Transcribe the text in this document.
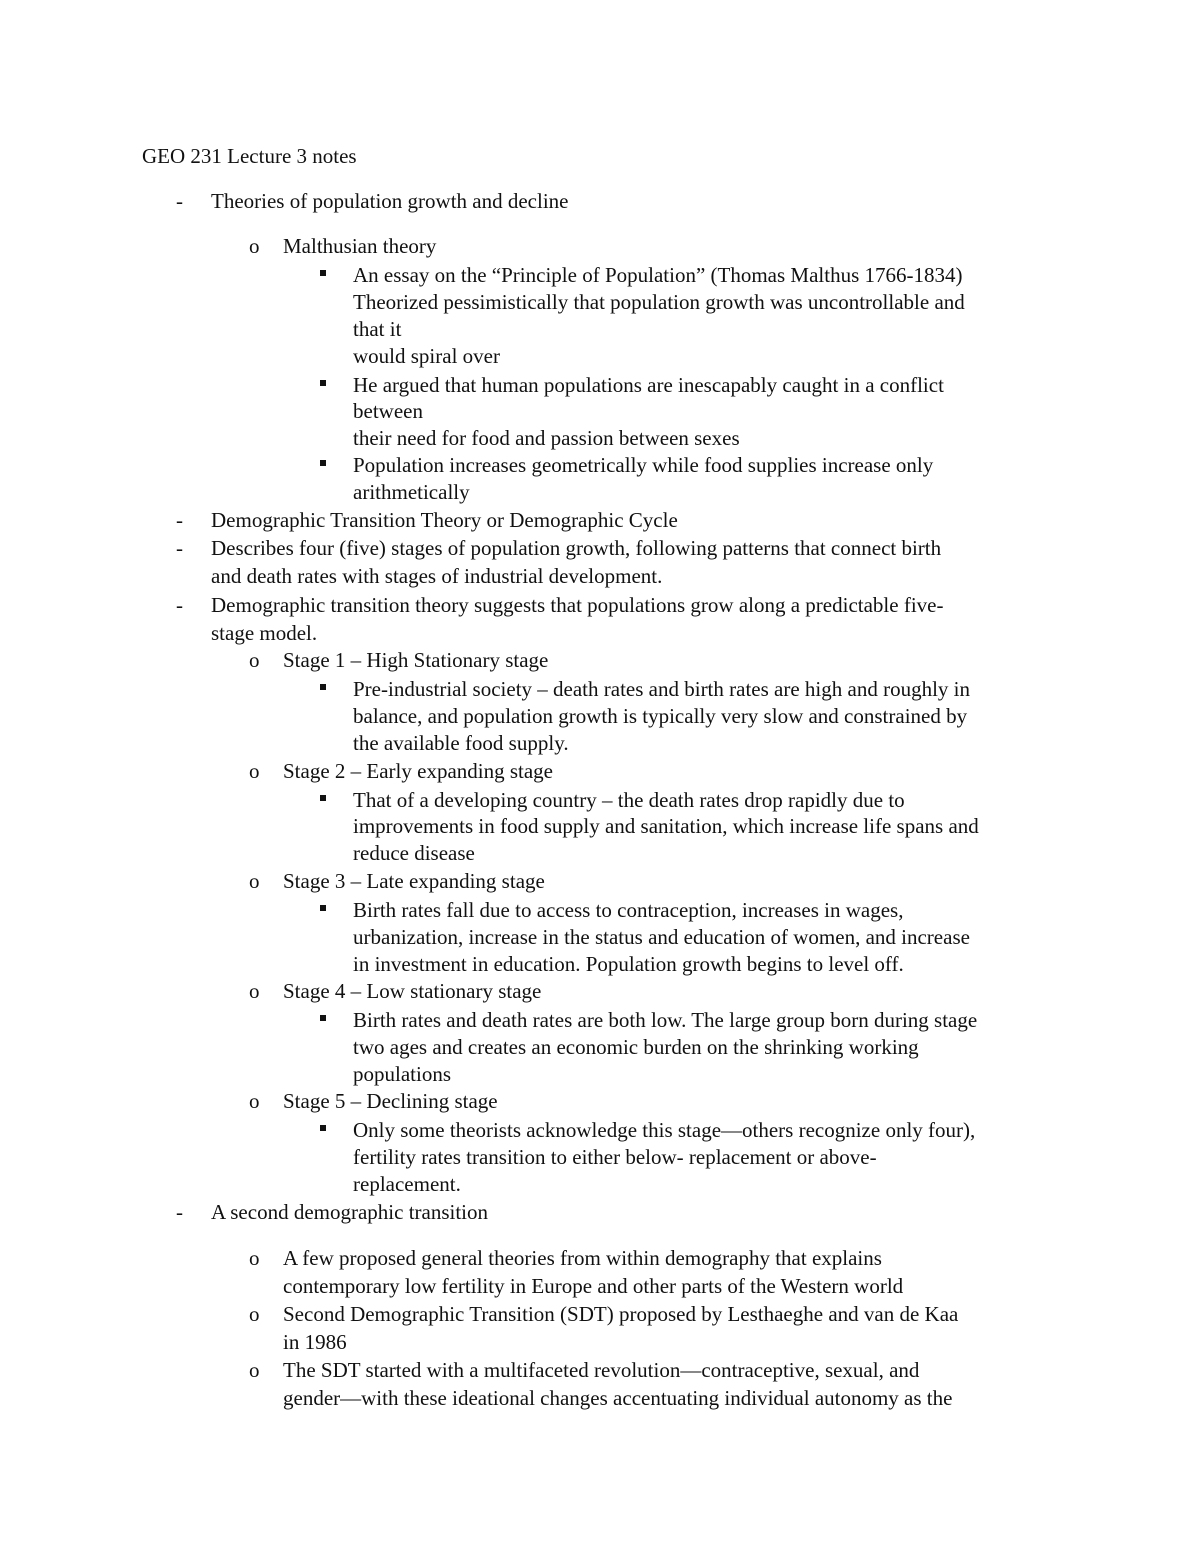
GEO 231 Lecture 3 notes
- Theories of population growth and decline
o Malthusian theory
An essay on the “Principle of Population” (Thomas Malthus 1766-1834)
Theorized pessimistically that population growth was uncontrollable and
that it
would spiral over
He argued that human populations are inescapably caught in a conflict
between
their need for food and passion between sexes
Population increases geometrically while food supplies increase only
arithmetically
- Demographic Transition Theory or Demographic Cycle
- Describes four (five) stages of population growth, following patterns that connect birth
and death rates with stages of industrial development.
- Demographic transition theory suggests that populations grow along a predictable five-
stage model.
o Stage 1 – High Stationary stage
Pre-industrial society – death rates and birth rates are high and roughly in
balance, and population growth is typically very slow and constrained by
the available food supply.
o Stage 2 – Early expanding stage
That of a developing country – the death rates drop rapidly due to
improvements in food supply and sanitation, which increase life spans and
reduce disease
o Stage 3 – Late expanding stage
Birth rates fall due to access to contraception, increases in wages,
urbanization, increase in the status and education of women, and increase
in investment in education. Population growth begins to level off.
o Stage 4 – Low stationary stage
Birth rates and death rates are both low. The large group born during stage
two ages and creates an economic burden on the shrinking working
populations
o Stage 5 – Declining stage
Only some theorists acknowledge this stage—others recognize only four),
fertility rates transition to either below- replacement or above-
replacement.
- A second demographic transition
o A few proposed general theories from within demography that explains
contemporary low fertility in Europe and other parts of the Western world
o Second Demographic Transition (SDT) proposed by Lesthaeghe and van de Kaa
in 1986
o The SDT started with a multifaceted revolution—contraceptive, sexual, and
gender—with these ideational changes accentuating individual autonomy as the
